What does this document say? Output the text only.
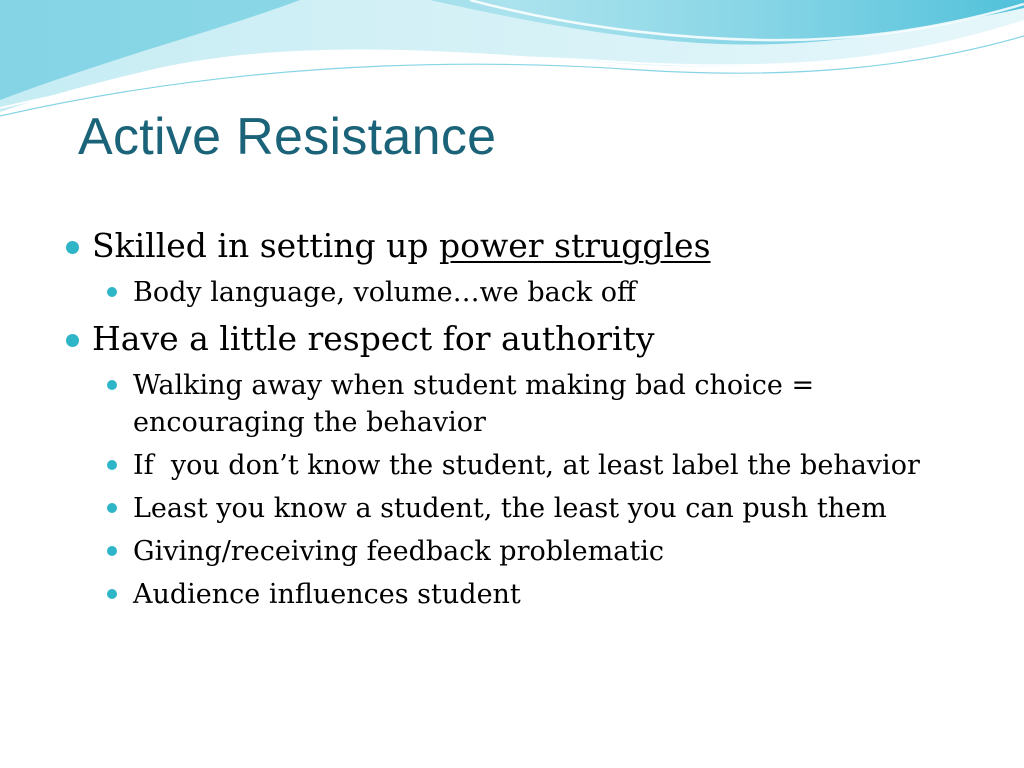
Active Resistance
Skilled in setting up power struggles
Body language, volume…we back off
Have a little respect for authority
Walking away when student making bad choice = encouraging the behavior
If  you don’t know the student, at least label the behavior
Least you know a student, the least you can push them
Giving/receiving feedback problematic
Audience influences student
